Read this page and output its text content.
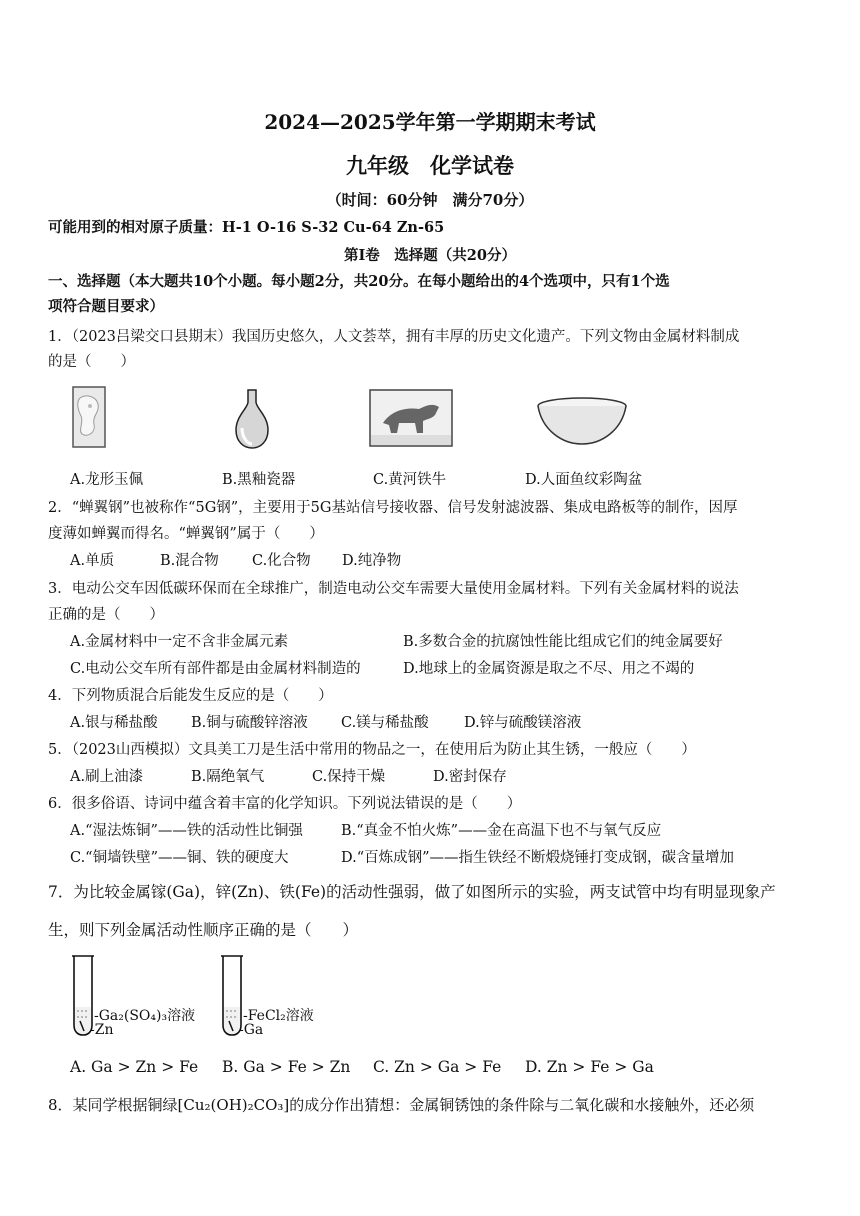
2024—2025学年第一学期期末考试
九年级　化学试卷
（时间：60分钟　满分70分）
可能用到的相对原子质量：H-1 O-16 S-32 Cu-64 Zn-65
第Ⅰ卷　选择题（共20分）
一、选择题（本大题共10个小题。每小题2分，共20分。在每小题给出的4个选项中，只有1个选
项符合题目要求）
1．（2023吕梁交口县期末）我国历史悠久，人文荟萃，拥有丰厚的历史文化遗产。下列文物由金属材料制成
的是（　　）
A.龙形玉佩	B.黑釉瓷器	C.黄河铁牛	D.人面鱼纹彩陶盆
2．“蝉翼钢”也被称作“5G钢”，主要用于5G基站信号接收器、信号发射滤波器、集成电路板等的制作，因厚
度薄如蝉翼而得名。“蝉翼钢”属于（　　）
A.单质	B.混合物 C.化合物 D.纯净物
3．电动公交车因低碳环保而在全球推广，制造电动公交车需要大量使用金属材料。下列有关金属材料的说法
正确的是（　　）
A.金属材料中一定不含非金属元素	B.多数合金的抗腐蚀性能比组成它们的纯金属要好
C.电动公交车所有部件都是由金属材料制造的	D.地球上的金属资源是取之不尽、用之不竭的
4．下列物质混合后能发生反应的是（　　）
A.银与稀盐酸 B.铜与硫酸锌溶液 C.镁与稀盐酸 D.锌与硫酸镁溶液
5．（2023山西模拟）文具美工刀是生活中常用的物品之一，在使用后为防止其生锈，一般应（　　）
A.刷上油漆	B.隔绝氧气	C.保持干燥	D.密封保存
6．很多俗语、诗词中蕴含着丰富的化学知识。下列说法错误的是（　　）
A.“湿法炼铜”——铁的活动性比铜强	B.“真金不怕火炼”——金在高温下也不与氧气反应
C.“铜墙铁壁”——铜、铁的硬度大	D.“百炼成钢”——指生铁经不断煅烧锤打变成钢，碳含量增加
7．为比较金属镓(Ga)，锌(Zn)、铁(Fe)的活动性强弱，做了如图所示的实验，两支试管中均有明显现象产
生，则下列金属活动性顺序正确的是（　　）
-Ga₂(SO₄)₃溶液
-Zn
-FeCl₂溶液
-Ga
A. Ga > Zn > Fe B. Ga > Fe > Zn C. Zn > Ga > Fe D. Zn > Fe > Ga
8．某同学根据铜绿[Cu₂(OH)₂CO₃]的成分作出猜想：金属铜锈蚀的条件除与二氧化碳和水接触外，还必须
